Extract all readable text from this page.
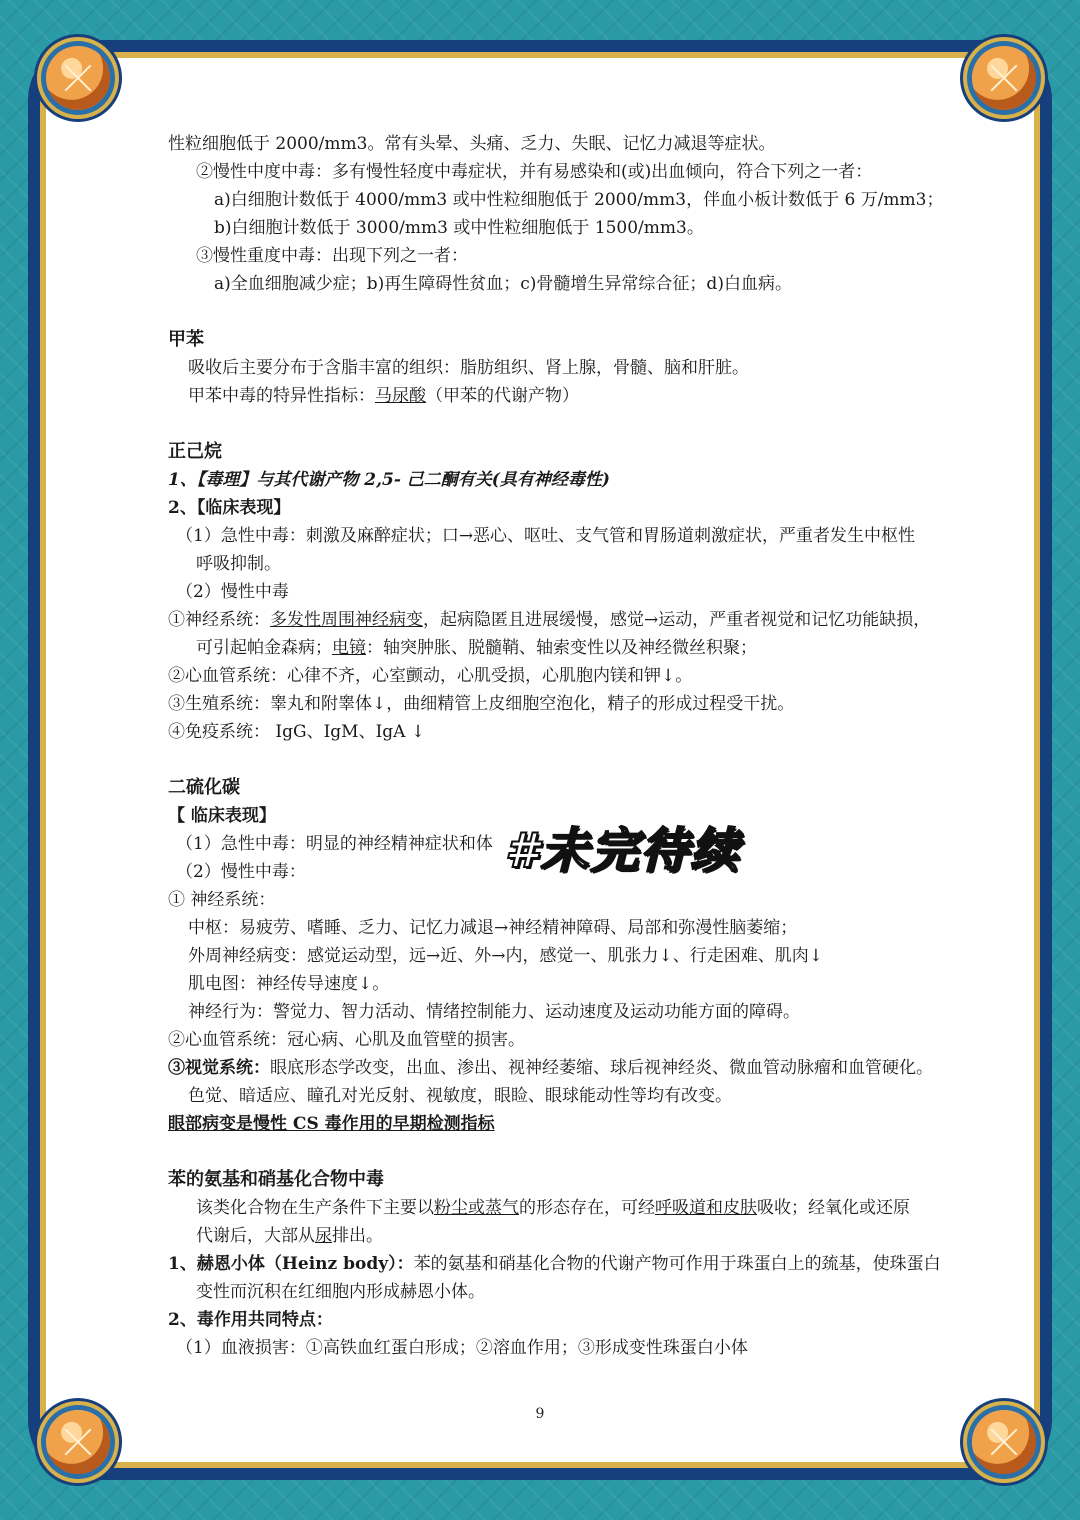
性粒细胞低于 2000/mm3。常有头晕、头痛、乏力、失眠、记忆力减退等症状。
②慢性中度中毒：多有慢性轻度中毒症状，并有易感染和(或)出血倾向，符合下列之一者：
a)白细胞计数低于 4000/mm3 或中性粒细胞低于 2000/mm3，伴血小板计数低于 6 万/mm3；
b)白细胞计数低于 3000/mm3 或中性粒细胞低于 1500/mm3。
③慢性重度中毒：出现下列之一者：
a)全血细胞减少症；b)再生障碍性贫血；c)骨髓增生异常综合征；d)白血病。
甲苯
吸收后主要分布于含脂丰富的组织：脂肪组织、肾上腺，骨髓、脑和肝脏。
甲苯中毒的特异性指标：马尿酸（甲苯的代谢产物）
正己烷
1、【毒理】与其代谢产物 2,5- 己二酮有关(具有神经毒性)
2、【临床表现】
（1）急性中毒：刺激及麻醉症状；口→恶心、呕吐、支气管和胃肠道刺激症状，严重者发生中枢性
呼吸抑制。
（2）慢性中毒
①神经系统：多发性周围神经病变，起病隐匿且进展缓慢，感觉→运动，严重者视觉和记忆功能缺损，
可引起帕金森病；电镜：轴突肿胀、脱髓鞘、轴索变性以及神经微丝积聚；
②心血管系统：心律不齐，心室颤动，心肌受损，心肌胞内镁和钾↓。
③生殖系统：睾丸和附睾体↓，曲细精管上皮细胞空泡化，精子的形成过程受干扰。
④免疫系统： IgG、IgM、IgA ↓
二硫化碳
【 临床表现】
（1）急性中毒：明显的神经精神症状和体
（2）慢性中毒：
① 神经系统：
中枢：易疲劳、嗜睡、乏力、记忆力减退→神经精神障碍、局部和弥漫性脑萎缩；
外周神经病变：感觉运动型，远→近、外→内，感觉一、肌张力↓、行走困难、肌肉↓
肌电图：神经传导速度↓。
神经行为：警觉力、智力活动、情绪控制能力、运动速度及运动功能方面的障碍。
②心血管系统：冠心病、心肌及血管壁的损害。
③视觉系统：眼底形态学改变，出血、渗出、视神经萎缩、球后视神经炎、微血管动脉瘤和血管硬化。
色觉、暗适应、瞳孔对光反射、视敏度，眼睑、眼球能动性等均有改变。
眼部病变是慢性 CS 毒作用的早期检测指标
苯的氨基和硝基化合物中毒
该类化合物在生产条件下主要以粉尘或蒸气的形态存在，可经呼吸道和皮肤吸收；经氧化或还原
代谢后，大部从尿排出。
1、赫恩小体（Heinz body）：苯的氨基和硝基化合物的代谢产物可作用于珠蛋白上的巯基，使珠蛋白
变性而沉积在红细胞内形成赫恩小体。
2、毒作用共同特点：
（1）血液损害：①高铁血红蛋白形成；②溶血作用；③形成变性珠蛋白小体
#未完待续
9
